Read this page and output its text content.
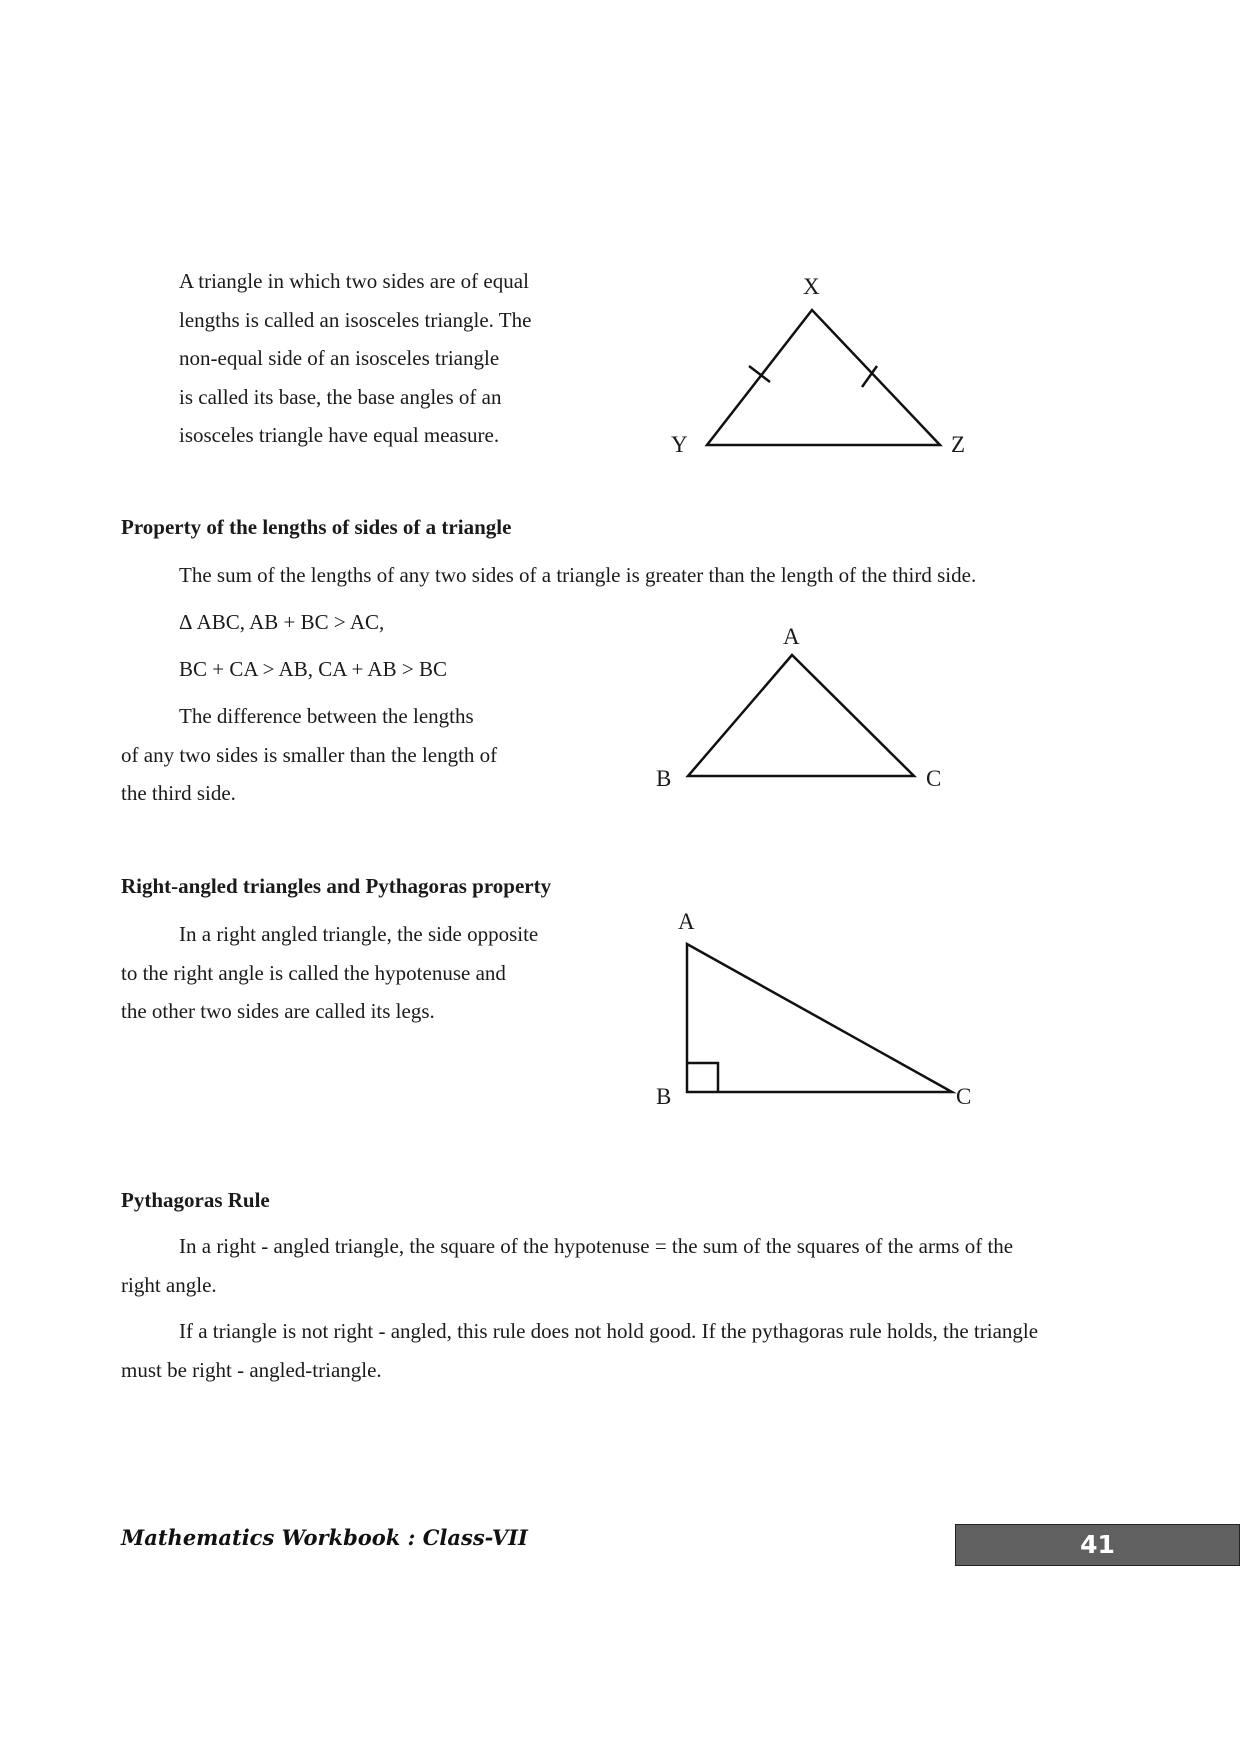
A triangle in which two sides are of equal
lengths is called an isosceles triangle. The
non-equal side of an isosceles triangle
is called its base, the base angles of an
isosceles triangle have equal measure.
X
Y	Z
Property of the lengths of sides of a triangle
The sum of the lengths of any two sides of a triangle is greater than the length of the third side.
Δ ABC, AB + BC > AC,
BC + CA > AB, CA + AB > BC
The difference between the lengths
of any two sides is smaller than the length of
the third side.
A
B	C
Right-angled triangles and Pythagoras property
In a right angled triangle, the side opposite
to the right angle is called the hypotenuse and
the other two sides are called its legs.
A
B	C
Pythagoras Rule
In a right - angled triangle, the square of the hypotenuse = the sum of the squares of the arms of the
right angle.
If a triangle is not right - angled, this rule does not hold good. If the pythagoras rule holds, the triangle
must be right - angled-triangle.
Mathematics Workbook : Class-VII	41
